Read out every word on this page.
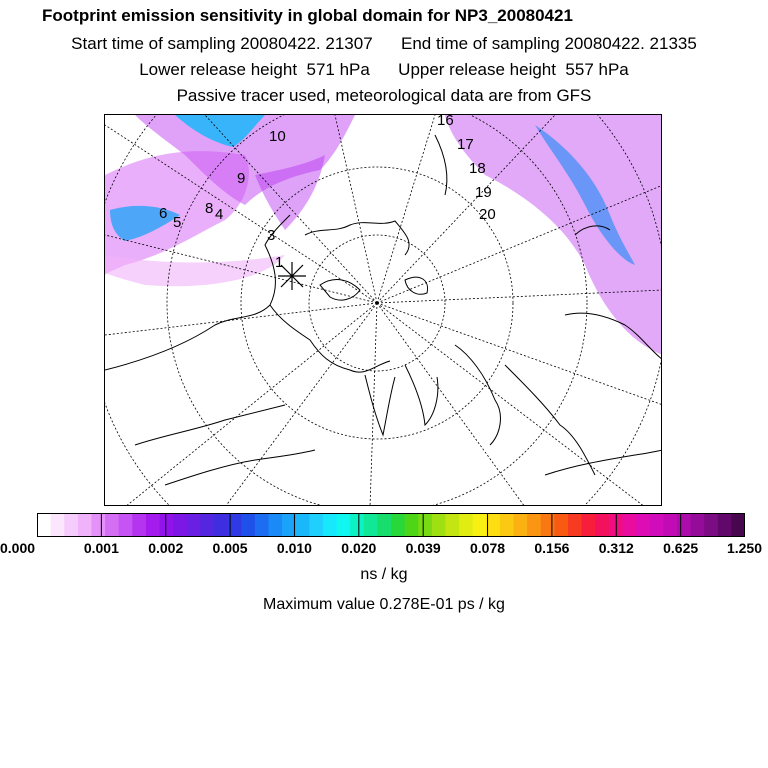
Footprint emission sensitivity in global domain for NP3_20080421
Start time of sampling 20080422. 21307      End time of sampling 20080422. 21335
Lower release height  571 hPa      Upper release height  557 hPa
Passive tracer used, meteorological data are from GFS
10
9
8 4
6
5
3
1
16
17
18
19
20
0.000	0.001 0.002 0.005 0.010 0.020 0.039 0.078 0.156 0.312 0.625 1.250
ns / kg
Maximum value 0.278E-01 ps / kg
